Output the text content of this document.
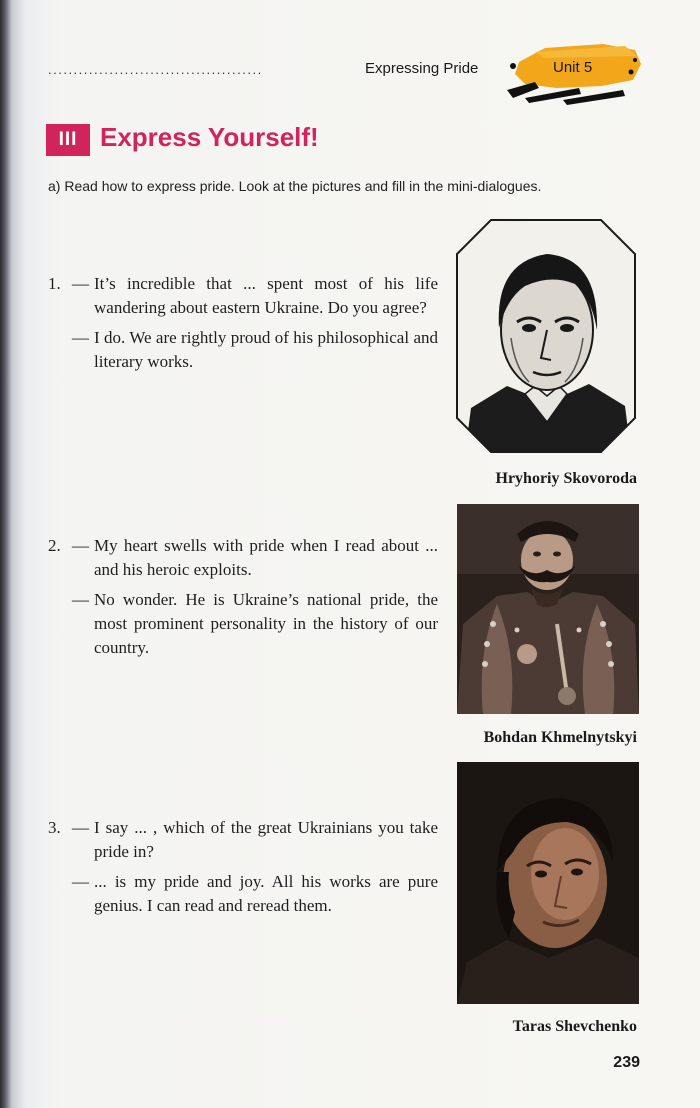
..........................................	Expressing Pride	Unit 5
III Express Yourself!
a) Read how to express pride. Look at the pictures and fill in the mini-dialogues.
1. — It’s incredible that ... spent most of his life wandering about eastern Ukraine. Do you agree?
— I do. We are rightly proud of his philosophical and literary works.
2. — My heart swells with pride when I read about ... and his heroic exploits.
— No wonder. He is Ukraine’s national pride, the most prominent personality in the history of our country.
3. — I say ... , which of the great Ukrainians you take pride in?
— ... is my pride and joy. All his works are pure genius. I can read and reread them.
Hryhoriy Skovoroda
Bohdan Khmelnytskyi
Taras Shevchenko
239
